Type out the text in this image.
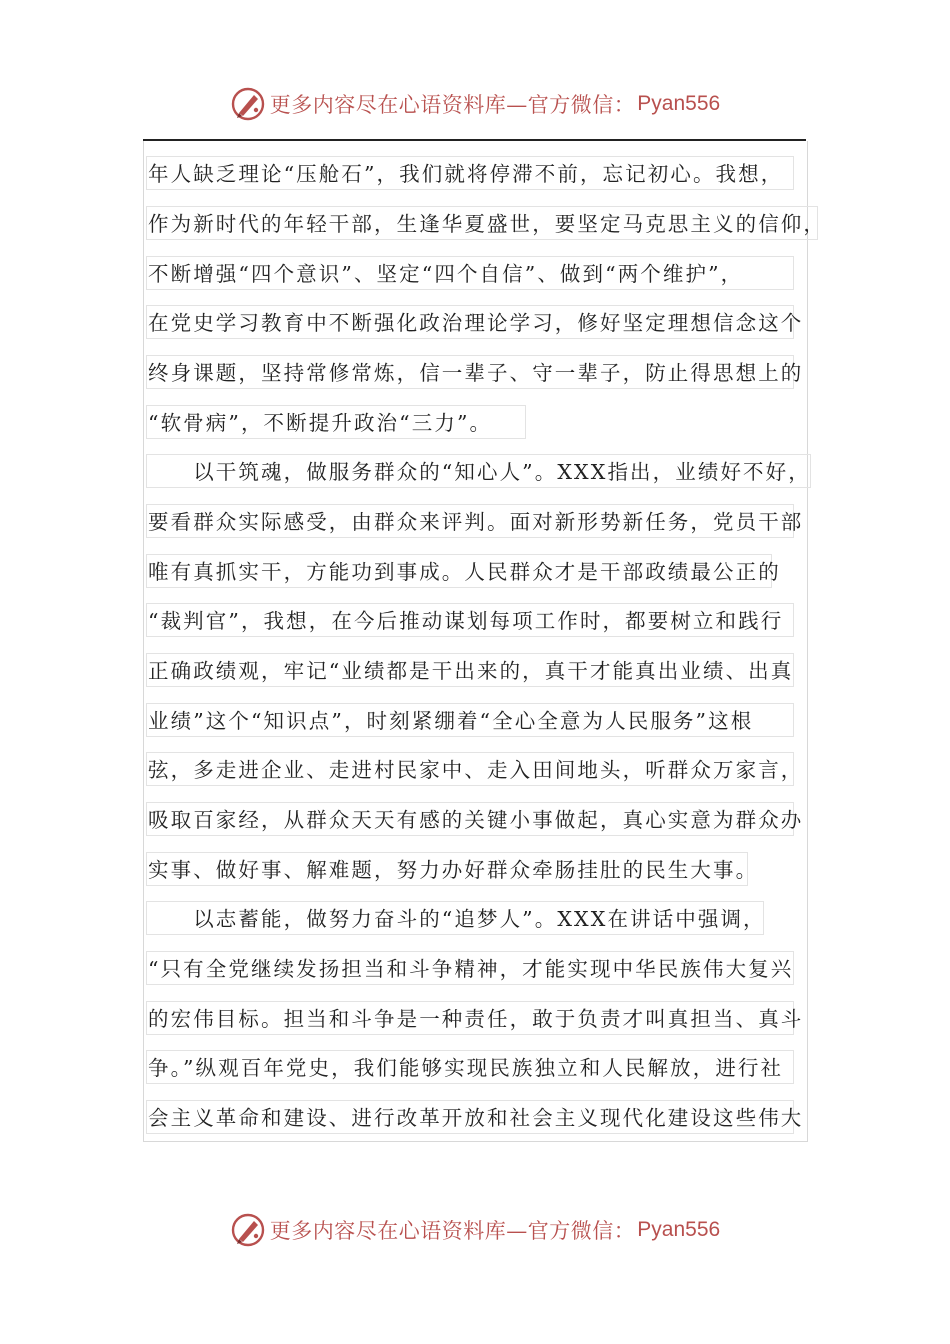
更多内容尽在心语资料库—官方微信： Pyan556
年人缺乏理论“压舱石”，我们就将停滞不前，忘记初心。我想，
作为新时代的年轻干部，生逢华夏盛世，要坚定马克思主义的信仰，
不断增强“四个意识”、坚定“四个自信”、做到“两个维护”，
在党史学习教育中不断强化政治理论学习，修好坚定理想信念这个
终身课题，坚持常修常炼，信一辈子、守一辈子，防止得思想上的
“软骨病”，不断提升政治“三力”。
　　以干筑魂，做服务群众的“知心人”。XXX指出，业绩好不好，
要看群众实际感受，由群众来评判。面对新形势新任务，党员干部
唯有真抓实干，方能功到事成。人民群众才是干部政绩最公正的
“裁判官”，我想，在今后推动谋划每项工作时，都要树立和践行
正确政绩观，牢记“业绩都是干出来的，真干才能真出业绩、出真
业绩”这个“知识点”，时刻紧绷着“全心全意为人民服务”这根
弦，多走进企业、走进村民家中、走入田间地头，听群众万家言，
吸取百家经，从群众天天有感的关键小事做起，真心实意为群众办
实事、做好事、解难题，努力办好群众牵肠挂肚的民生大事。
　　以志蓄能，做努力奋斗的“追梦人”。XXX在讲话中强调，
“只有全党继续发扬担当和斗争精神，才能实现中华民族伟大复兴
的宏伟目标。担当和斗争是一种责任，敢于负责才叫真担当、真斗
争。”纵观百年党史，我们能够实现民族独立和人民解放，进行社
会主义革命和建设、进行改革开放和社会主义现代化建设这些伟大
更多内容尽在心语资料库—官方微信： Pyan556
